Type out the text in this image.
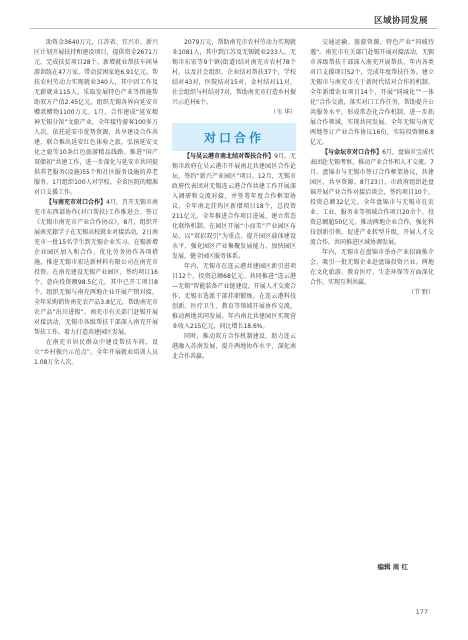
区域协同发展

助资金3640万元，江苏省、宜兴市、新兴区计划开展扶持和建设项目，提供资金2671万元，完成扶贫项目28个。新增就业帮扶车间导游训练在47万家，带动贫困家庭6.91亿元。帮扶农村劳动力实现就业340人，其中因工作及无薪就业115人。采取发展特色产业等措施帮助双方产值2.45亿元，组织无锡各界向延安市赠款赠物1100万元。1月，合作建成“延安精神无锡分馆”文旅产业，全年接待游客100多万人次。依托延安市优势资源，共享建设合作共建，联合推出延安红色体验之旅，弘扬延安文化之旅等10条红色旅游精品线路。推进“国产双储初”共建工作，进一步深化与延安市共同提供养老服务(设施)55个和社区服务设施的养老服务，1月组织100人对学校、全省医院的精准对口支援工作。

【与南充市对口合作】4月，召开无锡市南充市东西部协作(对口帮扶)工作推进会。签订《无锡市南充市产业合作协议》。8月，组织开展南充籍学子在无锡高校就业对接活动，2日南充市一批15名学生到无锡企业实习。在锡新增企业园区加入和合作，优化劳务协作各项措施，推进无锡市宏达新材料有限公司在南充市投资。在南充建设无锡产业园区，签约项目16个，意向投资额98.5亿元，其中已开工项目8个。组织无锡与南充两地企业开展产销对接，全年采购销售南充农产品3.8亿元，帮助南充市农产品“出川进锡”。南充市有关部门赴锡开展对接活动，无锡市各级帮扶干部深入南充开展帮扶工作，着力打造共建园区发展。

在南充市居民群众中建设帮扶车间，设立“乡村振兴示范点”。全年开展就业培训人员1.08万余人次。

2079万元，帮助南充市农村劳动力实现就业1081人，其中到江苏及无锡就业233人。无锡市东宏等9个镇(街道)结对南充市农村78个村，以及社会组织、企业结对帮扶37个，学校结对43对，医院结对15对，金村结对11对，社会组织与村结对7对，帮助南充市打造乡村振兴示范村6个。

（韦 华）

【与吴云港市南北结对帮扶合作】9月，无锡市政府在吴云港市开展南北共建园区合作论坛，签约“新兴产业园区”项目。12月，无锡市政府代表团对无锡连云港合作共建工作开展深入调研和交流对接，并签署年度合作框架协议。全年南北挂钩区新增项目18个，总投资211亿元。全年推进合作项目进展，建立常态化联络机制。在园区开展“小而美”产业园区布局，以“双招双引”为重点，提升园区载体建设水平，强化园区产业集聚发展能力。加快园区发展，健全园区服务体系。

年内，无锡市在连云港共建园区新引进项目12个，投资总额68亿元。共同推进“连云港—无锡”智能装备产业链建设。开展人才交流合作，无锡市选派干部挂职锻炼，在连云港科技创新、医疗卫生、教育等领域开展协作交流，推动两地共同发展。年内南北共建园区实现营业收入215亿元，同比增长18.6%。

同时，推动双方合作机制建设，助力连云港融入苏南发展，提升两地协作水平，深化南北合作共赢。

对口合作

交通运输、旅游资源、特色产业“同城待遇”。南充市有关部门赴锡开展对接活动，无锡市各级帮扶干部深入南充开展帮扶，年内各类对口支援项目52个，完成年度帮扶任务。建立无锡市与南充市关于新时代结对合作的机制，全年新增农业项目14个，开展“同城化”“一体化”合作交流，落实对口工作任务，帮助提升公共服务水平，形成常态化合作机制，进一步拓展合作领域，实现共同发展。全年无锡与南充两地签订产业合作协议16份，实际投资额6.8亿元。

【与金坛市对口合作】6月，盘锦市宝成代表团赴无锡考察，推动产业合作和人才交流。7月，盘锦市与无锡市签订合作框架协议，共建园区，共享资源。8月23日，市政府组织赴盘锦开展产业合作对接洽谈会，签约项目10个，投资总额32亿元。全年盘锦市与无锡市在农业、工业、服务业等领域合作项目20余个，投资总额超50亿元。推动两地企业合作，强化科技创新引领，促进产业转型升级，开展人才交流合作，共同推进区域协调发展。

年内，无锡市在盘锦市举办产业招商推介会，吸引一批无锡企业赴盘锦投资兴业。两地在文化旅游、教育医疗、生态环保等方面深化合作，实现互利共赢。

（节 野）
编辑 周 红
177
